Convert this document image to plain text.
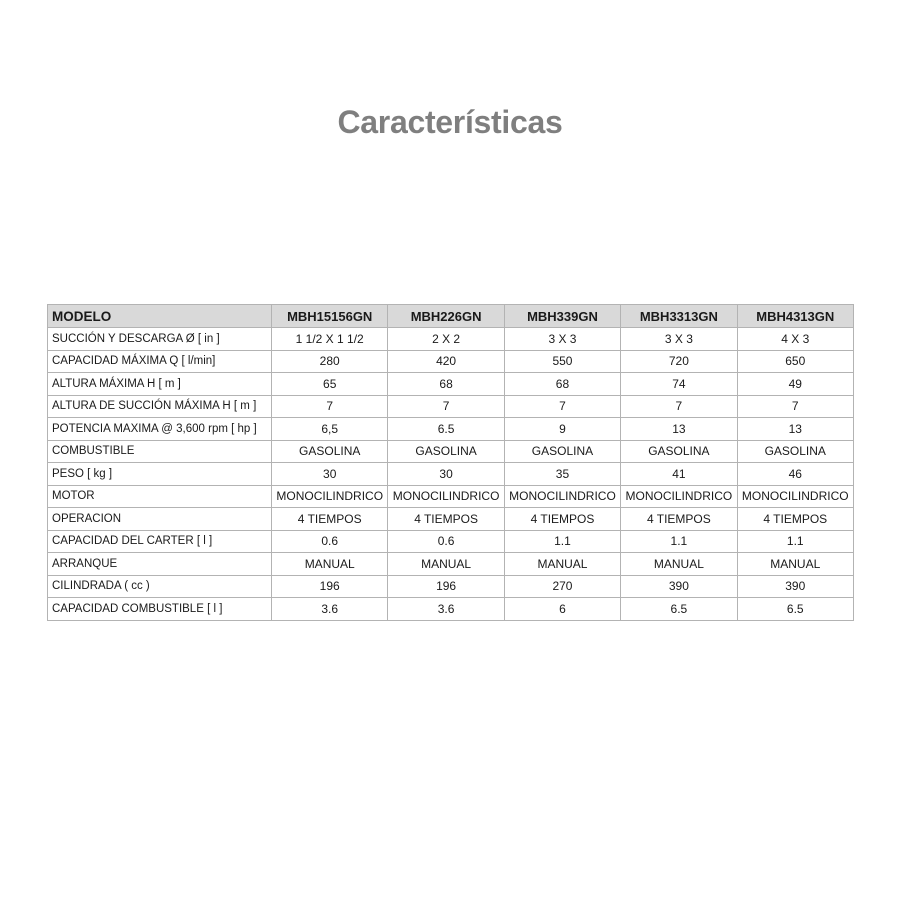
Características
MODELO	MBH15156GN	MBH226GN	MBH339GN	MBH3313GN	MBH4313GN
SUCCIÓN Y DESCARGA Ø [ in ]	1 1/2 X 1 1/2	2 X 2	3 X 3	3 X 3	4 X 3
CAPACIDAD MÁXIMA Q [ l/min]	280	420	550	720	650
ALTURA MÁXIMA H [ m ]	65	68	68	74	49
ALTURA DE SUCCIÓN MÁXIMA H [ m ]	7	7	7	7	7
POTENCIA MAXIMA @ 3,600 rpm [ hp ]	6,5	6.5	9	13	13
COMBUSTIBLE	GASOLINA	GASOLINA	GASOLINA	GASOLINA	GASOLINA
PESO [ kg ]	30	30	35	41	46
MOTOR	MONOCILINDRICO	MONOCILINDRICO	MONOCILINDRICO	MONOCILINDRICO	MONOCILINDRICO
OPERACION	4 TIEMPOS	4 TIEMPOS	4 TIEMPOS	4 TIEMPOS	4 TIEMPOS
CAPACIDAD DEL CARTER [ l ]	0.6	0.6	1.1	1.1	1.1
ARRANQUE	MANUAL	MANUAL	MANUAL	MANUAL	MANUAL
CILINDRADA ( cc )	196	196	270	390	390
CAPACIDAD COMBUSTIBLE [ l ]	3.6	3.6	6	6.5	6.5
